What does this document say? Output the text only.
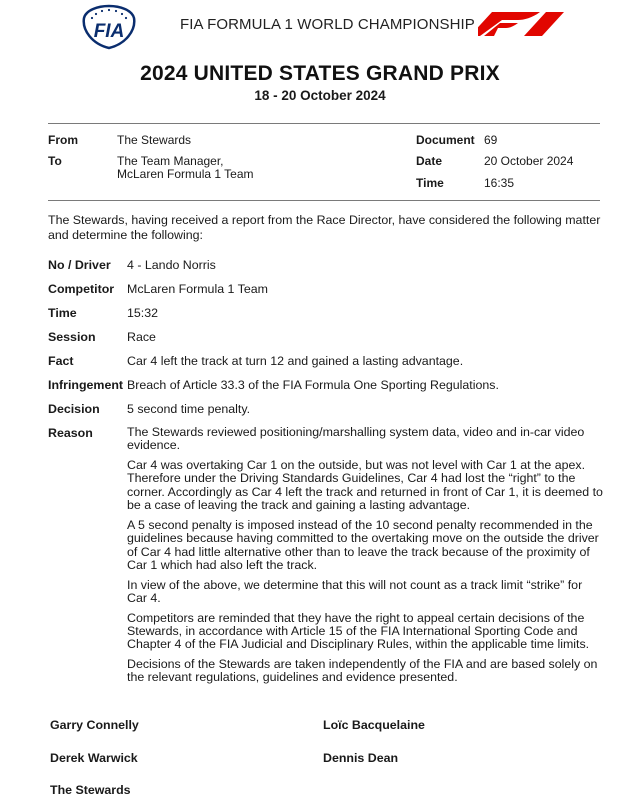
FIA	FIA FORMULA 1 WORLD CHAMPIONSHIP
2024 UNITED STATES GRAND PRIX
18 - 20 October 2024
From	The Stewards
To	The Team Manager,
McLaren Formula 1 Team
Document 69
Date	20 October 2024
Time	16:35
The Stewards, having received a report from the Race Director, have considered the following matter and determine the following:
No / Driver 4 - Lando Norris
Competitor McLaren Formula 1 Team
Time	15:32
Session	Race
Fact	Car 4 left the track at turn 12 and gained a lasting advantage.
Infringement Breach of Article 33.3 of the FIA Formula One Sporting Regulations.
Decision 5 second time penalty.
Reason	The Stewards reviewed positioning/marshalling system data, video and in-car video evidence.

Car 4 was overtaking Car 1 on the outside, but was not level with Car 1 at the apex. Therefore under the Driving Standards Guidelines, Car 4 had lost the “right” to the corner. Accordingly as Car 4 left the track and returned in front of Car 1, it is deemed to be a case of leaving the track and gaining a lasting advantage.

A 5 second penalty is imposed instead of the 10 second penalty recommended in the guidelines because having committed to the overtaking move on the outside the driver of Car 4 had little alternative other than to leave the track because of the proximity of Car 1 which had also left the track.

In view of the above, we determine that this will not count as a track limit “strike” for Car 4.

Competitors are reminded that they have the right to appeal certain decisions of the Stewards, in accordance with Article 15 of the FIA International Sporting Code and Chapter 4 of the FIA Judicial and Disciplinary Rules, within the applicable time limits.

Decisions of the Stewards are taken independently of the FIA and are based solely on the relevant regulations, guidelines and evidence presented.

Garry Connelly	Loïc Bacquelaine
Derek Warwick	Dennis Dean
The Stewards
